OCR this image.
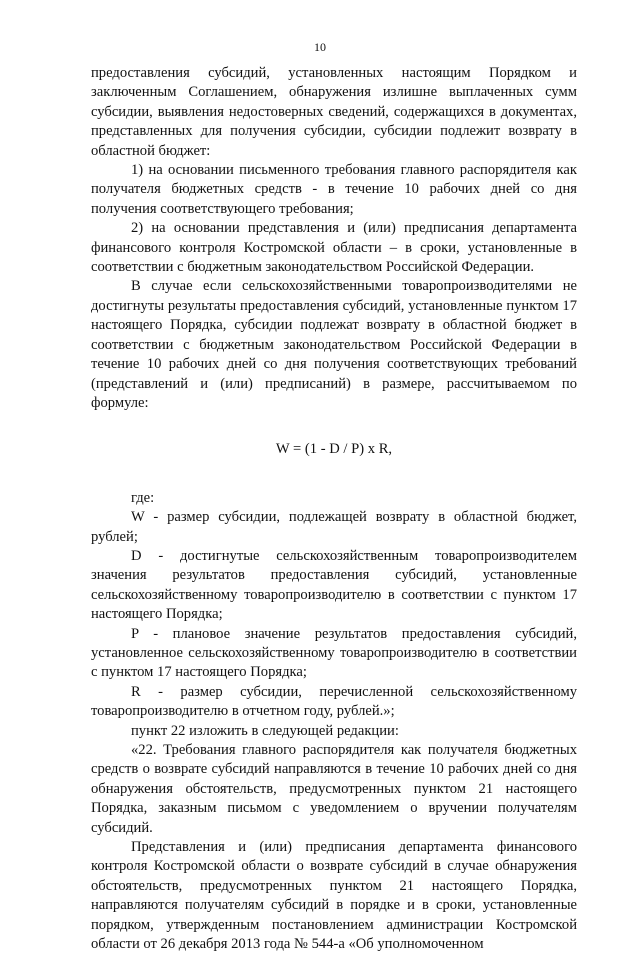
10

предоставления субсидий, установленных настоящим Порядком и заключенным Соглашением, обнаружения излишне выплаченных сумм субсидии, выявления недостоверных сведений, содержащихся в документах, представленных для получения субсидии, субсидии подлежит возврату в областной бюджет:

1) на основании письменного требования главного распорядителя как получателя бюджетных средств - в течение 10 рабочих дней со дня получения соответствующего требования;

2) на основании представления и (или) предписания департамента финансового контроля Костромской области – в сроки, установленные в соответствии с бюджетным законодательством Российской Федерации.

В случае если сельскохозяйственными товаропроизводителями не достигнуты результаты предоставления субсидий, установленные пунктом 17 настоящего Порядка, субсидии подлежат возврату в областной бюджет в соответствии с бюджетным законодательством Российской Федерации в течение 10 рабочих дней со дня получения соответствующих требований (представлений и (или) предписаний) в размере, рассчитываемом по формуле:

W = (1 - D / P) x R,

где:

W - размер субсидии, подлежащей возврату в областной бюджет, рублей;

D - достигнутые сельскохозяйственным товаропроизводителем значения результатов предоставления субсидий, установленные сельскохозяйственному товаропроизводителю в соответствии с пунктом 17 настоящего Порядка;

P - плановое значение результатов предоставления субсидий, установленное сельскохозяйственному товаропроизводителю в соответствии с пунктом 17 настоящего Порядка;

R - размер субсидии, перечисленной сельскохозяйственному товаропроизводителю в отчетном году, рублей.»;

пункт 22 изложить в следующей редакции:

«22. Требования главного распорядителя как получателя бюджетных средств о возврате субсидий направляются в течение 10 рабочих дней со дня обнаружения обстоятельств, предусмотренных пунктом 21 настоящего Порядка, заказным письмом с уведомлением о вручении получателям субсидий.

Представления и (или) предписания департамента финансового контроля Костромской области о возврате субсидий в случае обнаружения обстоятельств, предусмотренных пунктом 21 настоящего Порядка, направляются получателям субсидий в порядке и в сроки, установленные порядком, утвержденным постановлением администрации Костромской области от 26 декабря 2013 года № 544-а «Об уполномоченном
